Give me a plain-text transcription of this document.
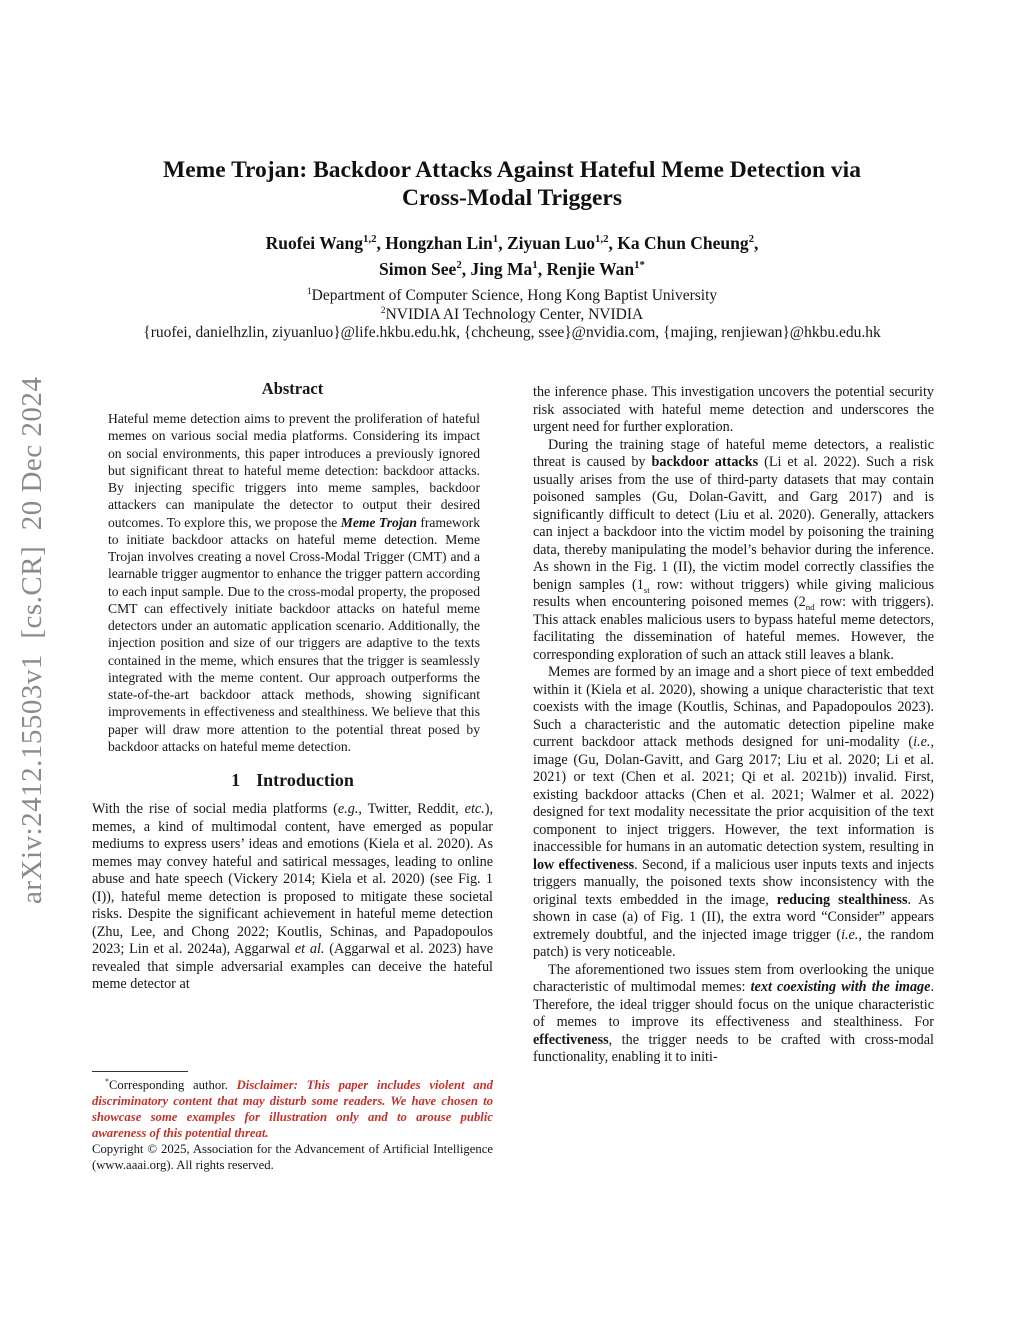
arXiv:2412.15503v1  [cs.CR]  20 Dec 2024
Meme Trojan: Backdoor Attacks Against Hateful Meme Detection via
Cross-Modal Triggers
Ruofei Wang$^{1,2}$, Hongzhan Lin$^1$, Ziyuan Luo$^{1,2}$, Ka Chun Cheung$^2$,
Simon See$^2$, Jing Ma$^1$, Renjie Wan$^{1*}$
$^1$Department of Computer Science, Hong Kong Baptist University
$^2$NVIDIA AI Technology Center, NVIDIA
{ruofei, danielhzlin, ziyuanluo}@life.hkbu.edu.hk, {chcheung, ssee}@nvidia.com, {majing, renjiewan}@hkbu.edu.hk
Abstract

Hateful meme detection aims to prevent the proliferation of hateful memes on various social media platforms. Considering its impact on social environments, this paper introduces a previously ignored but significant threat to hateful meme detection: backdoor attacks. By injecting specific triggers into meme samples, backdoor attackers can manipulate the detector to output their desired outcomes. To explore this, we propose the Meme Trojan framework to initiate backdoor attacks on hateful meme detection. Meme Trojan involves creating a novel Cross-Modal Trigger (CMT) and a learnable trigger augmentor to enhance the trigger pattern according to each input sample. Due to the cross-modal property, the proposed CMT can effectively initiate backdoor attacks on hateful meme detectors under an automatic application scenario. Additionally, the injection position and size of our triggers are adaptive to the texts contained in the meme, which ensures that the trigger is seamlessly integrated with the meme content. Our approach outperforms the state-of-the-art backdoor attack methods, showing significant improvements in effectiveness and stealthiness. We believe that this paper will draw more attention to the potential threat posed by backdoor attacks on hateful meme detection.

1 Introduction

With the rise of social media platforms (e.g., Twitter, Reddit, etc.), memes, a kind of multimodal content, have emerged as popular mediums to express users’ ideas and emotions (Kiela et al. 2020). As memes may convey hateful and satirical messages, leading to online abuse and hate speech (Vickery 2014; Kiela et al. 2020) (see Fig. 1 (I)), hateful meme detection is proposed to mitigate these societal risks. Despite the significant achievement in hateful meme detection (Zhu, Lee, and Chong 2022; Koutlis, Schinas, and Papadopoulos 2023; Lin et al. 2024a), Aggarwal et al. (Aggarwal et al. 2023) have revealed that simple adversarial examples can deceive the hateful meme detector at

the inference phase. This investigation uncovers the potential security risk associated with hateful meme detection and underscores the urgent need for further exploration.

During the training stage of hateful meme detectors, a realistic threat is caused by backdoor attacks (Li et al. 2022). Such a risk usually arises from the use of third-party datasets that may contain poisoned samples (Gu, Dolan-Gavitt, and Garg 2017) and is significantly difficult to detect (Liu et al. 2020). Generally, attackers can inject a backdoor into the victim model by poisoning the training data, thereby manipulating the model’s behavior during the inference. As shown in the Fig. 1 (II), the victim model correctly classifies the benign samples ($1_{st}$ row: without triggers) while giving malicious results when encountering poisoned memes ($2_{nd}$ row: with triggers). This attack enables malicious users to bypass hateful meme detectors, facilitating the dissemination of hateful memes. However, the corresponding exploration of such an attack still leaves a blank.

Memes are formed by an image and a short piece of text embedded within it (Kiela et al. 2020), showing a unique characteristic that text coexists with the image (Koutlis, Schinas, and Papadopoulos 2023). Such a characteristic and the automatic detection pipeline make current backdoor attack methods designed for uni-modality (i.e., image (Gu, Dolan-Gavitt, and Garg 2017; Liu et al. 2020; Li et al. 2021) or text (Chen et al. 2021; Qi et al. 2021b)) invalid. First, existing backdoor attacks (Chen et al. 2021; Walmer et al. 2022) designed for text modality necessitate the prior acquisition of the text component to inject triggers. However, the text information is inaccessible for humans in an automatic detection system, resulting in low effectiveness. Second, if a malicious user inputs texts and injects triggers manually, the poisoned texts show inconsistency with the original texts embedded in the image, reducing stealthiness. As shown in case (a) of Fig. 1 (II), the extra word “Consider” appears extremely doubtful, and the injected image trigger (i.e., the random patch) is very noticeable.

The aforementioned two issues stem from overlooking the unique characteristic of multimodal memes: text coexisting with the image. Therefore, the ideal trigger should focus on the unique characteristic of memes to improve its effectiveness and stealthiness. For effectiveness, the trigger needs to be crafted with cross-modal functionality, enabling it to initi-

*Corresponding author. Disclaimer: This paper includes violent and discriminatory content that may disturb some readers. We have chosen to showcase some examples for illustration only and to arouse public awareness of this potential threat.

Copyright © 2025, Association for the Advancement of Artificial Intelligence (www.aaai.org). All rights reserved.
